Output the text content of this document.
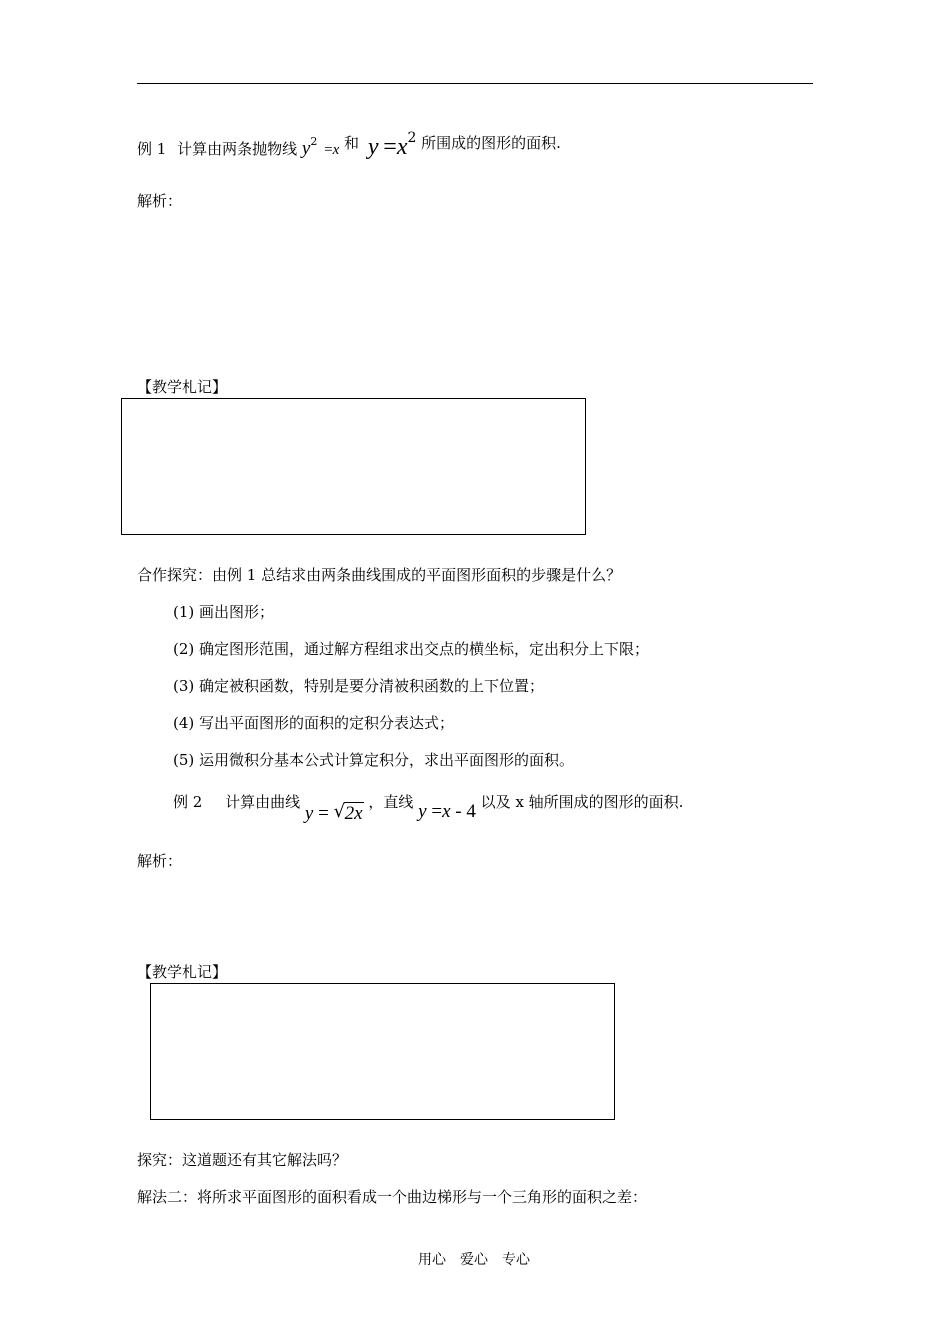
例 1 计算由两条抛物线 $y^2 =x$ 和 y =x2 所围成的图形的面积.
解析：
【教学札记】
合作探究：由例 1 总结求由两条曲线围成的平面图形面积的步骤是什么？
(1) 画出图形；
(2) 确定图形范围，通过解方程组求出交点的横坐标，定出积分上下限；
(3) 确定被积函数，特别是要分清被积函数的上下位置；
(4) 写出平面图形的面积的定积分表达式；
(5) 运用微积分基本公式计算定积分，求出平面图形的面积。
例 2 计算由曲线 y = √ 2x ，直线 y =x - 4 以及 x 轴所围成的图形的面积.
解析：
【教学札记】
探究：这道题还有其它解法吗？
解法二：将所求平面图形的面积看成一个曲边梯形与一个三角形的面积之差：
用心　爱心　专心
